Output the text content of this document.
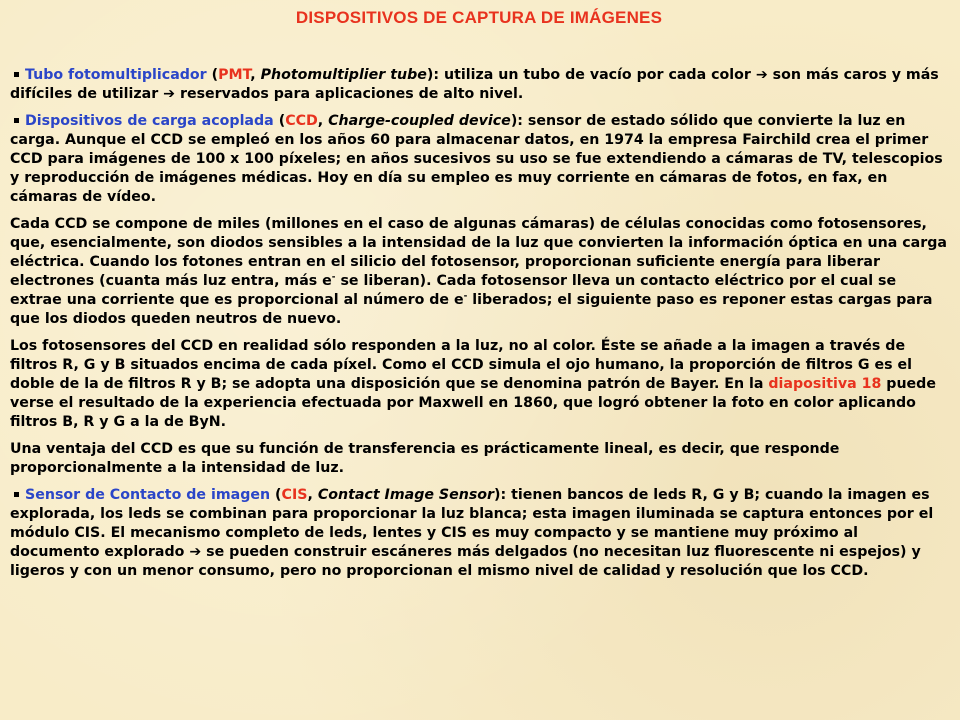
DISPOSITIVOS DE CAPTURA DE IMÁGENES

Tubo fotomultiplicador (PMT, Photomultiplier tube): utiliza un tubo de vacío por cada color ➔ son más caros y más difíciles de utilizar ➔ reservados para aplicaciones de alto nivel.

Dispositivos de carga acoplada (CCD, Charge-coupled device): sensor de estado sólido que convierte la luz en carga. Aunque el CCD se empleó en los años 60 para almacenar datos, en 1974 la empresa Fairchild crea el primer CCD para imágenes de 100 x 100 píxeles; en años sucesivos su uso se fue extendiendo a cámaras de TV, telescopios y reproducción de imágenes médicas. Hoy en día su empleo es muy corriente en cámaras de fotos, en fax, en cámaras de vídeo.

Cada CCD se compone de miles (millones en el caso de algunas cámaras) de células conocidas como fotosensores, que, esencialmente, son diodos sensibles a la intensidad de la luz que convierten la información óptica en una carga eléctrica. Cuando los fotones entran en el silicio del fotosensor, proporcionan suficiente energía para liberar electrones (cuanta más luz entra, más e- se liberan). Cada fotosensor lleva un contacto eléctrico por el cual se extrae una corriente que es proporcional al número de e- liberados; el siguiente paso es reponer estas cargas para que los diodos queden neutros de nuevo.

Los fotosensores del CCD en realidad sólo responden a la luz, no al color. Éste se añade a la imagen a través de filtros R, G y B situados encima de cada píxel. Como el CCD simula el ojo humano, la proporción de filtros G es el doble de la de filtros R y B; se adopta una disposición que se denomina patrón de Bayer. En la diapositiva 18 puede verse el resultado de la experiencia efectuada por Maxwell en 1860, que logró obtener la foto en color aplicando filtros B, R y G a la de ByN.

Una ventaja del CCD es que su función de transferencia es prácticamente lineal, es decir, que responde proporcionalmente a la intensidad de luz.

Sensor de Contacto de imagen (CIS, Contact Image Sensor): tienen bancos de leds R, G y B; cuando la imagen es explorada, los leds se combinan para proporcionar la luz blanca; esta imagen iluminada se captura entonces por el módulo CIS. El mecanismo completo de leds, lentes y CIS es muy compacto y se mantiene muy próximo al documento explorado ➔ se pueden construir escáneres más delgados (no necesitan luz fluorescente ni espejos) y ligeros y con un menor consumo, pero no proporcionan el mismo nivel de calidad y resolución que los CCD.
